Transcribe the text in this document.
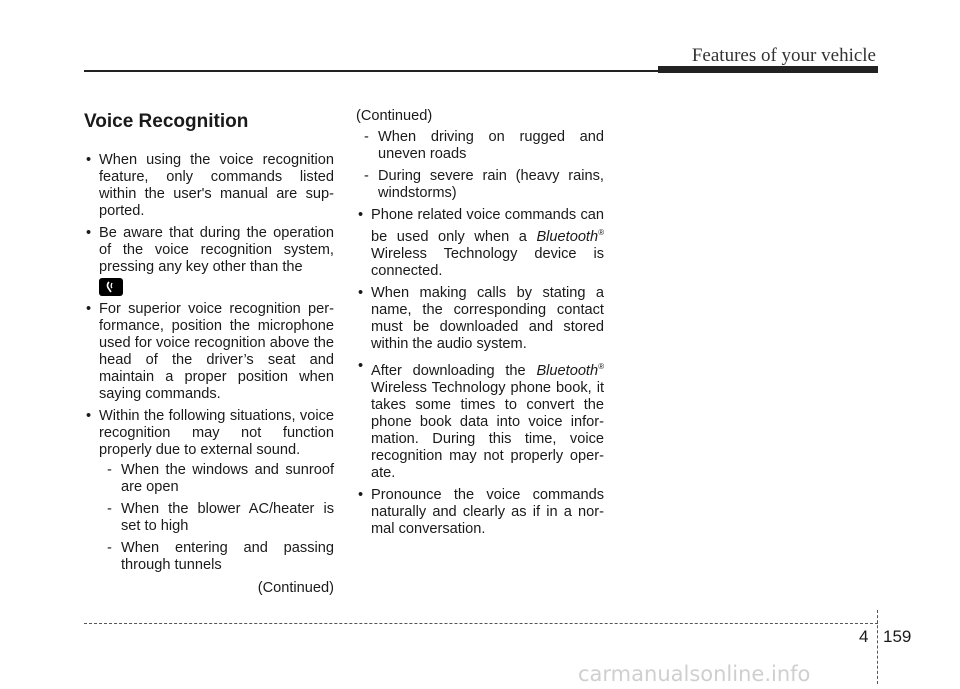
Features of your vehicle
Voice Recognition
• When using the voice recognition feature, only commands listed within the user's manual are sup- ported.
• Be aware that during the operation of the voice recognition system, pressing any key other than the
• For superior voice recognition per- formance, position the microphone used for voice recognition above the head of the driver’s seat and maintain a proper position when saying commands.
• Within the following situations, voice recognition may not function properly due to external sound.
- When the windows and sunroof are open
- When the blower AC/heater is set to high
- When entering and passing through tunnels
(Continued)
(Continued)
- When driving on rugged and uneven roads
- During severe rain (heavy rains, windstorms)
• Phone related voice commands can be used only when a Bluetooth® Wireless Technology device is connected.
• When making calls by stating a name, the corresponding contact must be downloaded and stored within the audio system.
• After downloading the Bluetooth® Wireless Technology phone book, it takes some times to convert the phone book data into voice infor- mation. During this time, voice recognition may not properly oper- ate.
• Pronounce the voice commands naturally and clearly as if in a nor- mal conversation.
4 159
carmanualsonline.info
